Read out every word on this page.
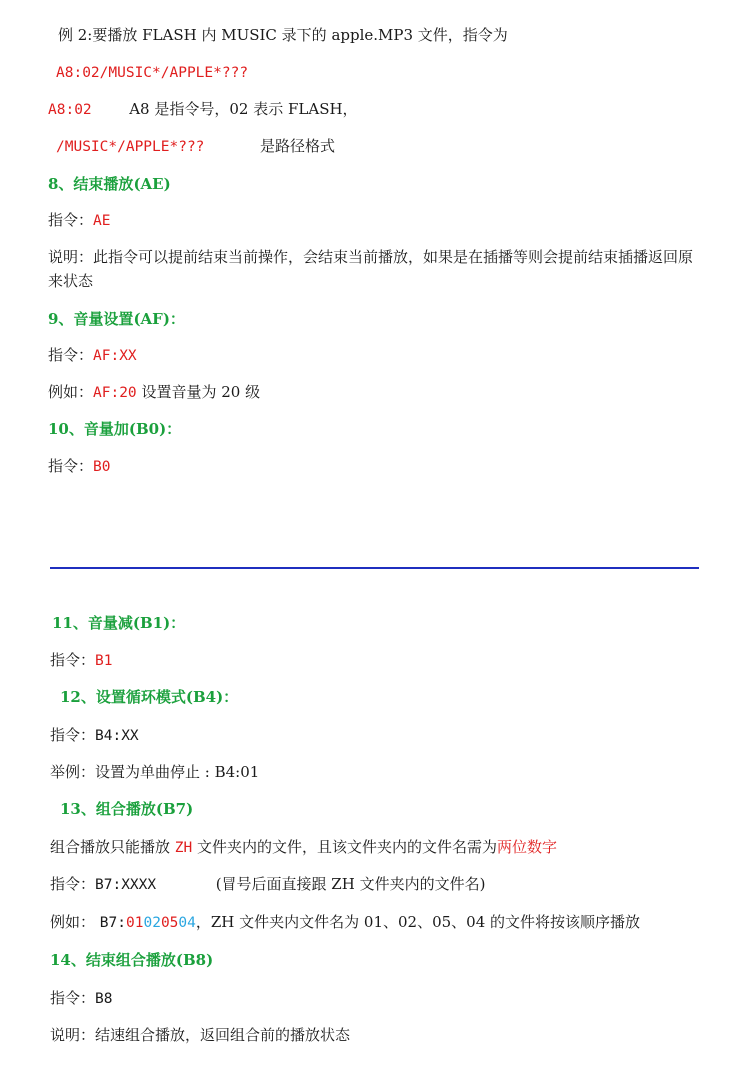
例 2:要播放 FLASH 内 MUSIC 录下的 apple.MP3 文件，指令为
A8:02/MUSIC*/APPLE*???
A8:02	A8 是指令号，02 表示 FLASH，
/MUSIC*/APPLE*???	是路径格式
8、结束播放(AE)
指令：AE
说明：此指令可以提前结束当前操作，会结束当前播放，如果是在插播等则会提前结束插播返回原来状态
9、音量设置(AF)：
指令：AF:XX
例如：AF:20 设置音量为 20 级
10、音量加(B0)：
指令：B0
11、音量减(B1)：
指令：B1
12、设置循环模式(B4)：
指令：B4:XX
举例：设置为单曲停止 : B4:01
13、组合播放(B7)
组合播放只能播放 ZH 文件夹内的文件，且该文件夹内的文件名需为两位数字
指令：B7:XXXX	(冒号后面直接跟 ZH 文件夹内的文件名)
例如： B7:01020504，ZH 文件夹内文件名为 01、02、05、04 的文件将按该顺序播放
14、结束组合播放(B8)
指令：B8
说明：结速组合播放，返回组合前的播放状态
